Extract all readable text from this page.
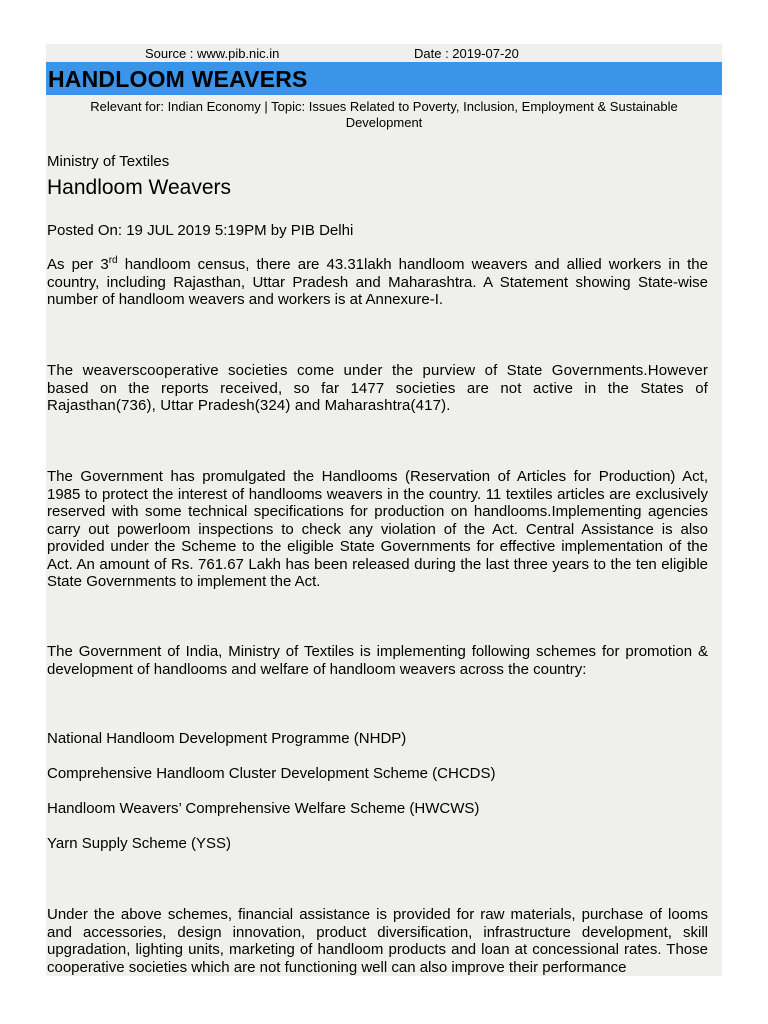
Source : www.pib.nic.in	Date : 2019-07-20
HANDLOOM WEAVERS
Relevant for: Indian Economy | Topic: Issues Related to Poverty, Inclusion, Employment & Sustainable
Development
Ministry of Textiles
Handloom Weavers
Posted On: 19 JUL 2019 5:19PM by PIB Delhi
As per 3rd handloom census, there are 43.31lakh handloom weavers and allied workers in the country, including Rajasthan, Uttar Pradesh and Maharashtra. A Statement showing State-wise number of handloom weavers and workers is at Annexure-I.
The weaverscooperative societies come under the purview of State Governments.However based on the reports received, so far 1477 societies are not active in the States of Rajasthan(736), Uttar Pradesh(324) and Maharashtra(417).
The Government has promulgated the Handlooms (Reservation of Articles for Production) Act, 1985 to protect the interest of handlooms weavers in the country. 11 textiles articles are exclusively reserved with some technical specifications for production on handlooms.Implementing agencies carry out powerloom inspections to check any violation of the Act. Central Assistance is also provided under the Scheme to the eligible State Governments for effective implementation of the Act. An amount of Rs. 761.67 Lakh has been released during the last three years to the ten eligible State Governments to implement the Act.
The Government of India, Ministry of Textiles is implementing following schemes for promotion & development of handlooms and welfare of handloom weavers across the country:
National Handloom Development Programme (NHDP)
Comprehensive Handloom Cluster Development Scheme (CHCDS)
Handloom Weavers’ Comprehensive Welfare Scheme (HWCWS)
Yarn Supply Scheme (YSS)
Under the above schemes, financial assistance is provided for raw materials, purchase of looms and accessories, design innovation, product diversification, infrastructure development, skill upgradation, lighting units, marketing of handloom products and loan at concessional rates. Those cooperative societies which are not functioning well can also improve their performance
